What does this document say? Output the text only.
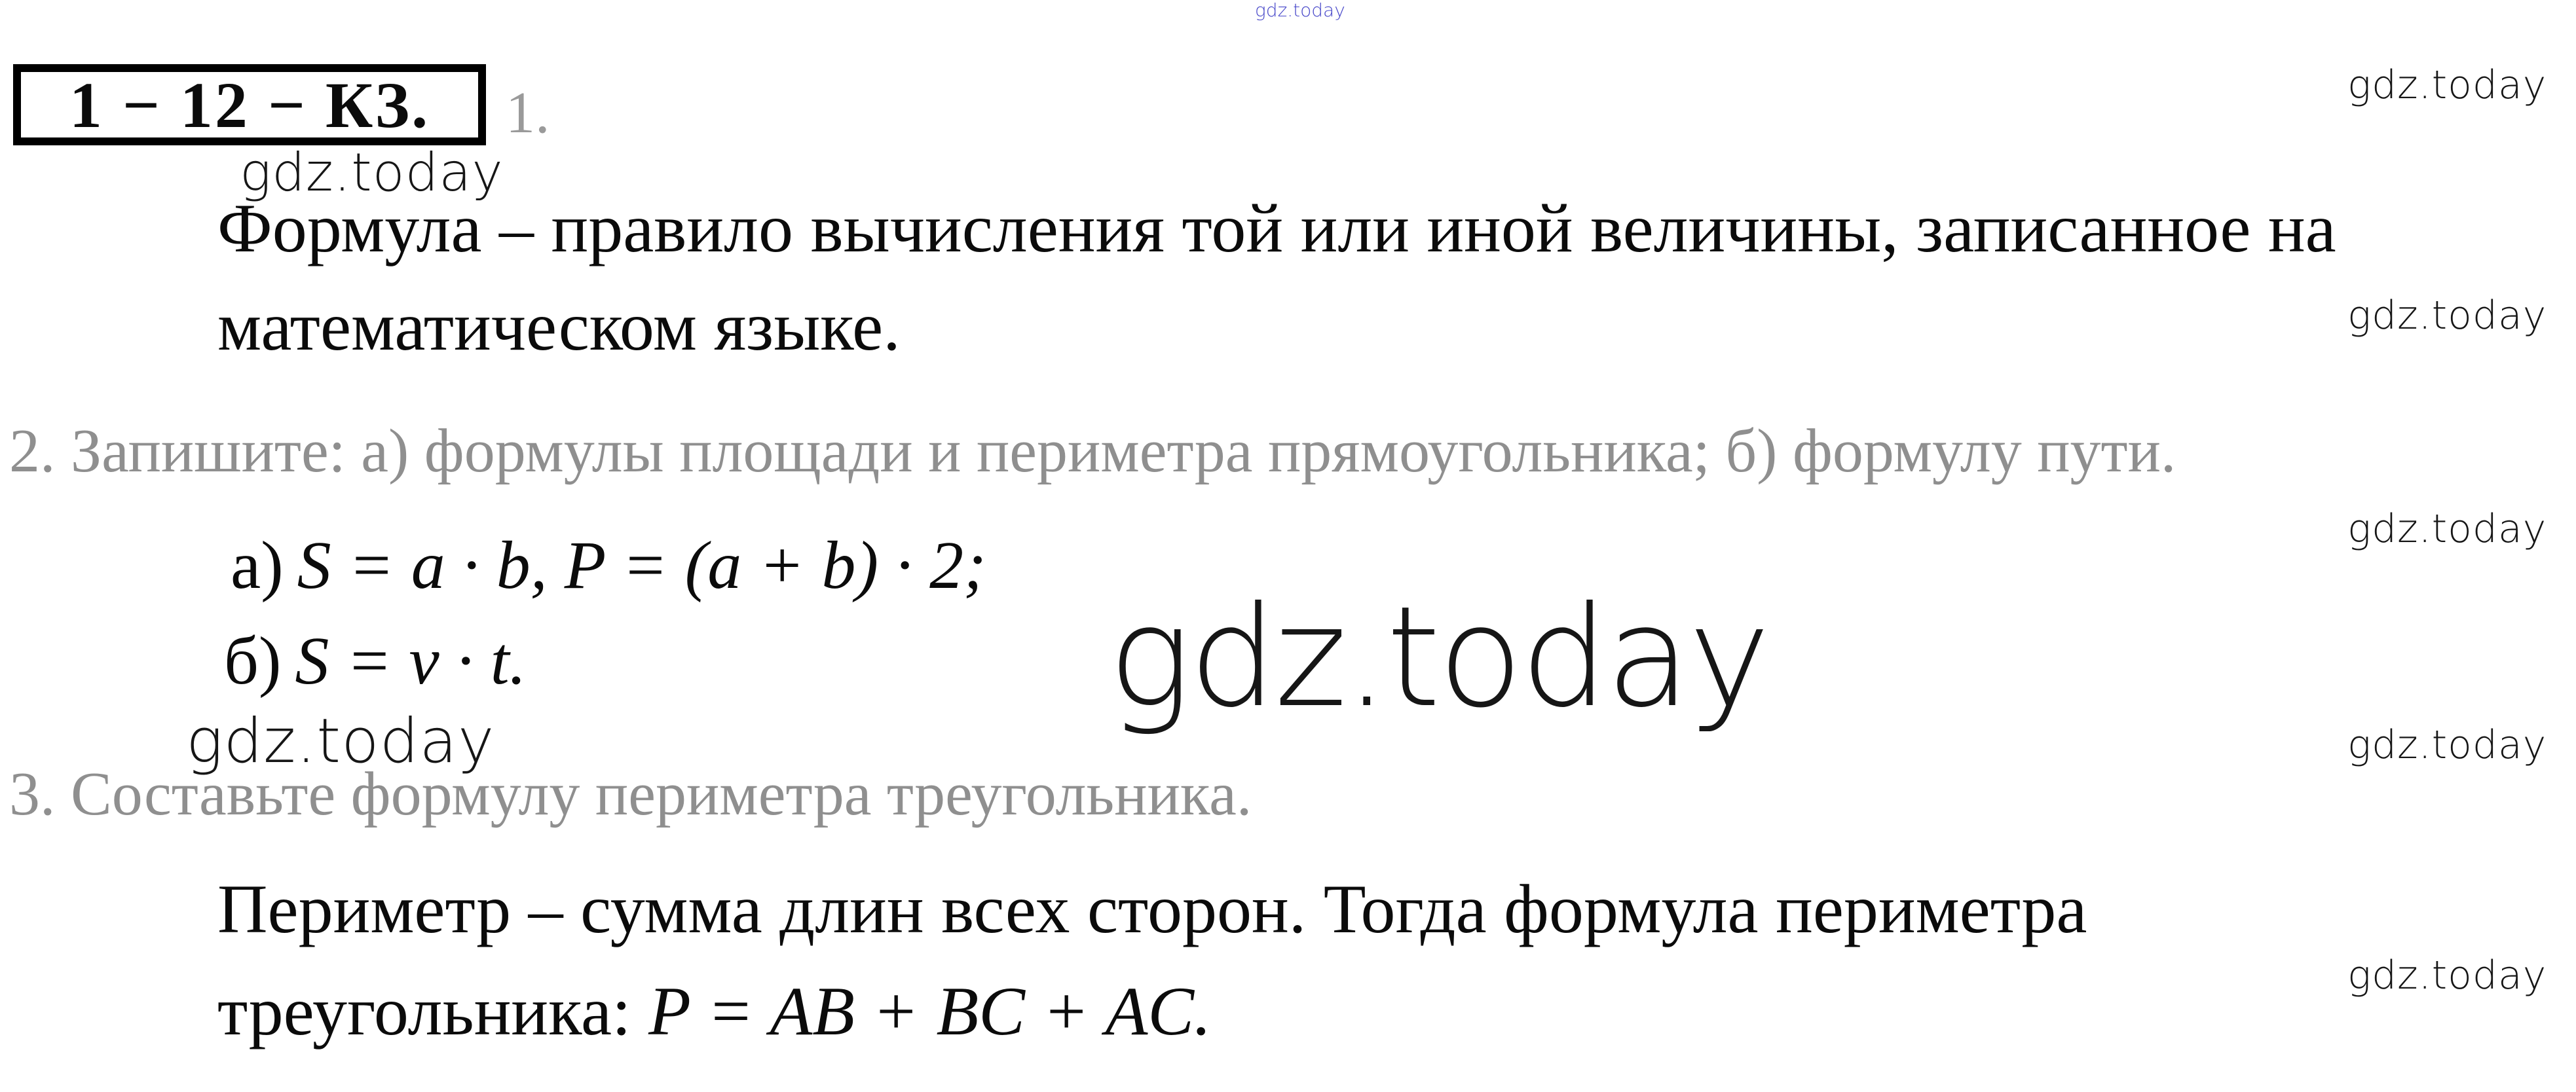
gdz.today
1 − 12 − КЗ. 1.
gdz.today
Формула – правило вычисления той или иной величины, записанное на
математическом языке.
2. Запишите: а) формулы площади и периметра прямоугольника; б) формулу пути.
а)  S = a · b, P = (a + b) · 2;
б)  S = v · t.	gdz.today
gdz.today
3. Составьте формулу периметра треугольника.
Периметр – сумма длин всех сторон. Тогда формула периметра
треугольника:  P = AB + BC + AC.
gdz.today
gdz.today
gdz.today
gdz.today
gdz.today
